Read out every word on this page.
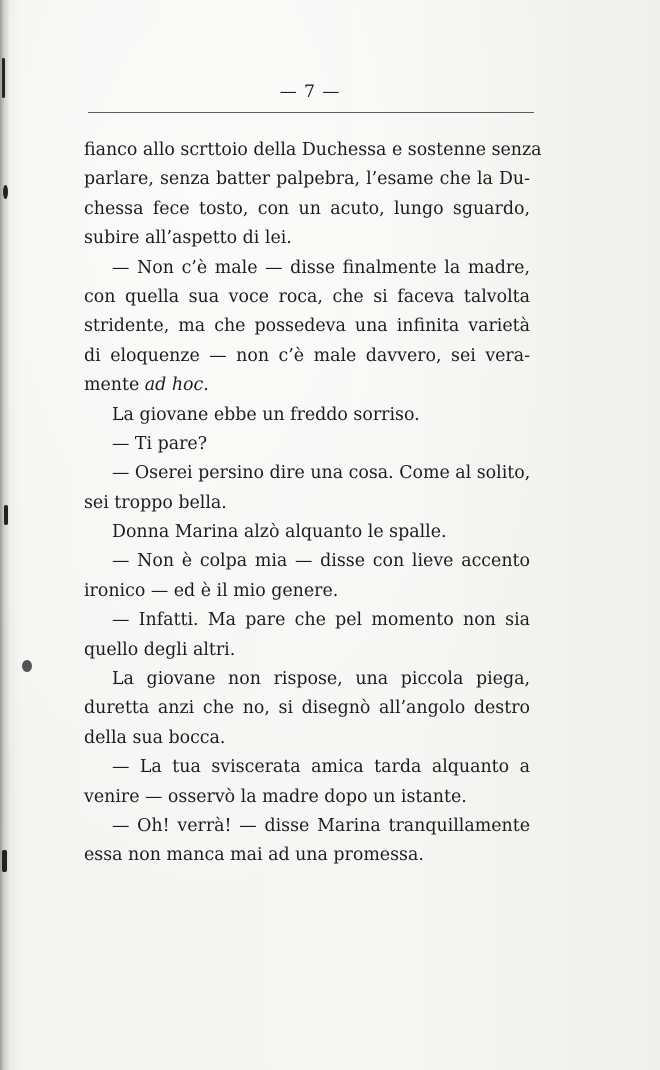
— 7 —
fianco allo scrttoio della Duchessa e sostenne senza
parlare, senza batter palpebra, l’esame che la Du-
chessa fece tosto, con un acuto, lungo sguardo,
subire all’aspetto di lei.
— Non c’è male — disse finalmente la madre,
con quella sua voce roca, che si faceva talvolta
stridente, ma che possedeva una infinita varietà
di eloquenze — non c’è male davvero, sei vera-
mente ad hoc.
La giovane ebbe un freddo sorriso.
— Ti pare?
— Oserei persino dire una cosa. Come al solito,
sei troppo bella.
Donna Marina alzò alquanto le spalle.
— Non è colpa mia — disse con lieve accento
ironico — ed è il mio genere.
— Infatti. Ma pare che pel momento non sia
quello degli altri.
La giovane non rispose, una piccola piega,
duretta anzi che no, si disegnò all’angolo destro
della sua bocca.
— La tua sviscerata amica tarda alquanto a
venire — osservò la madre dopo un istante.
— Oh! verrà! — disse Marina tranquillamente
essa non manca mai ad una promessa.
